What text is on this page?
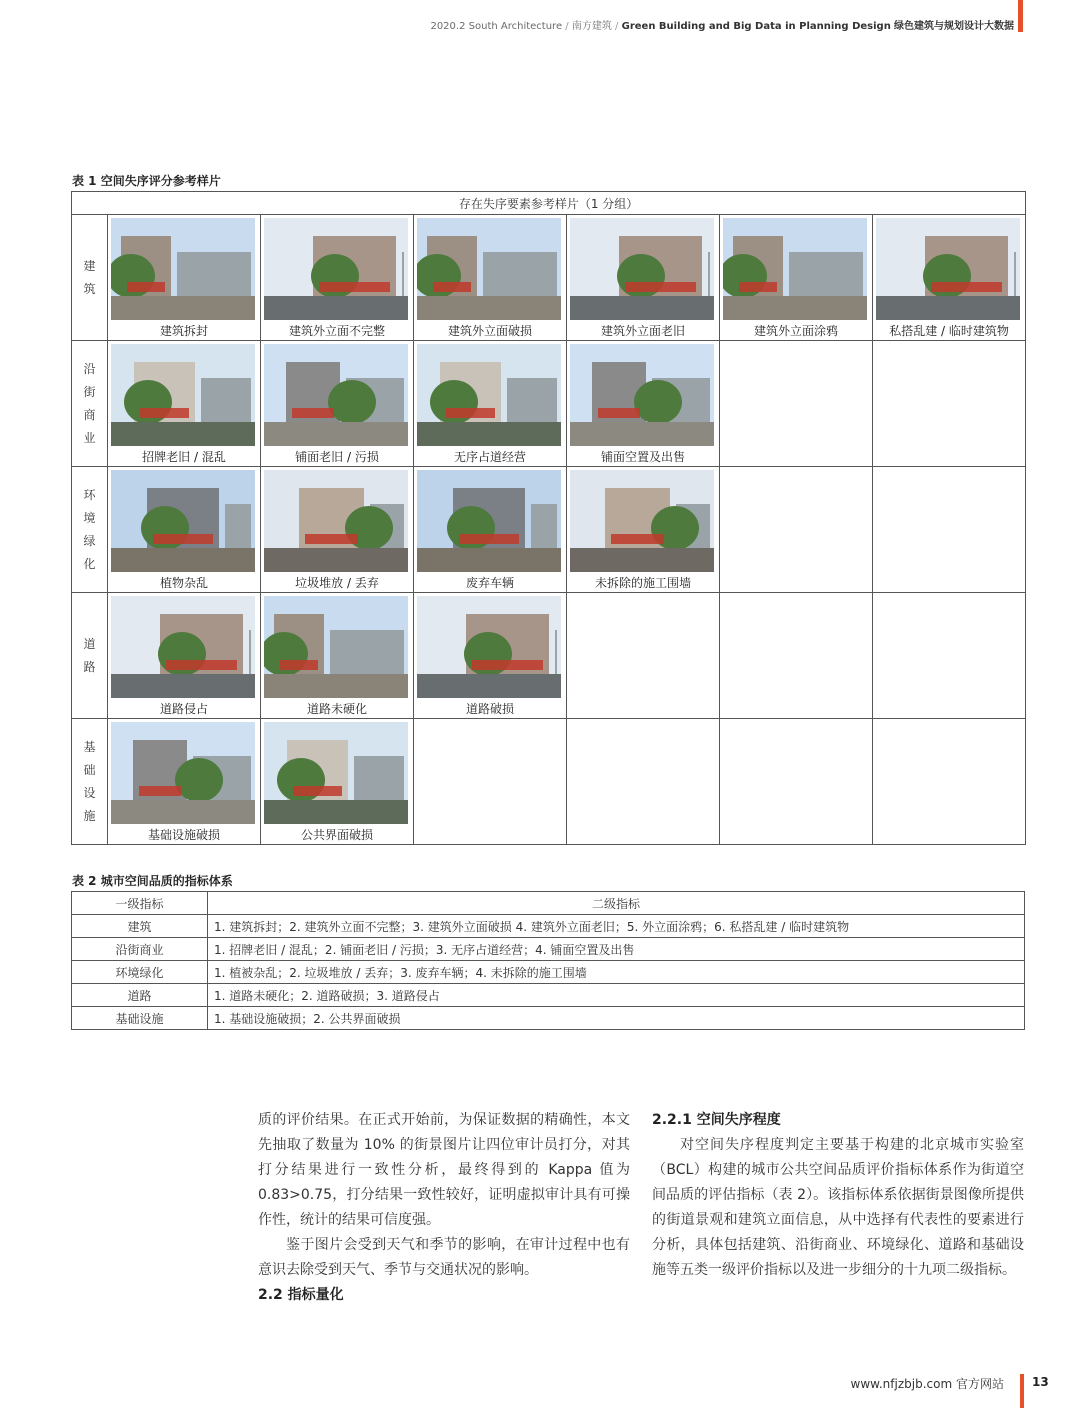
2020.2 South Architecture / 南方建筑 / Green Building and Big Data in Planning Design 绿色建筑与规划设计大数据
表 1 空间失序评分参考样片
存在失序要素参考样片（1 分组）						
建
筑	建筑拆封	建筑外立面不完整	建筑外立面破损	建筑外立面老旧	建筑外立面涂鸦	私搭乱建 / 临时建筑物

沿
街
商
业	招牌老旧 / 混乱	铺面老旧 / 污损	无序占道经营	铺面空置及出售		

环
境
绿
化	植物杂乱	垃圾堆放 / 丢弃	废弃车辆	未拆除的施工围墙		

道
路	道路侵占	道路未硬化	道路破损			

基
础
设
施	基础设施破损	公共界面破损				

表 2 城市空间品质的指标体系
一级指标	二级指标
建筑	1. 建筑拆封；2. 建筑外立面不完整；3. 建筑外立面破损 4. 建筑外立面老旧；5. 外立面涂鸦；6. 私搭乱建 / 临时建筑物
沿街商业	1. 招牌老旧 / 混乱；2. 铺面老旧 / 污损；3. 无序占道经营；4. 铺面空置及出售
环境绿化	1. 植被杂乱；2. 垃圾堆放 / 丢弃；3. 废弃车辆；4. 未拆除的施工围墙
道路	1. 道路未硬化；2. 道路破损；3. 道路侵占
基础设施	1. 基础设施破损；2. 公共界面破损

质的评价结果。在正式开始前，为保证数据的精确性，本文先抽取了数量为 10% 的街景图片让四位审计员打分，对其打分结果进行一致性分析，最终得到的 Kappa 值为 0.83>0.75，打分结果一致性较好，证明虚拟审计具有可操作性，统计的结果可信度强。

鉴于图片会受到天气和季节的影响，在审计过程中也有意识去除受到天气、季节与交通状况的影响。

2.2 指标量化
2.2.1 空间失序程度

对空间失序程度判定主要基于构建的北京城市实验室（BCL）构建的城市公共空间品质评价指标体系作为街道空间品质的评估指标（表 2）。该指标体系依据街景图像所提供的街道景观和建筑立面信息，从中选择有代表性的要素进行分析，具体包括建筑、沿街商业、环境绿化、道路和基础设施等五类一级评价指标以及进一步细分的十九项二级指标。

www.nfjzbjb.com 官方网站 13
